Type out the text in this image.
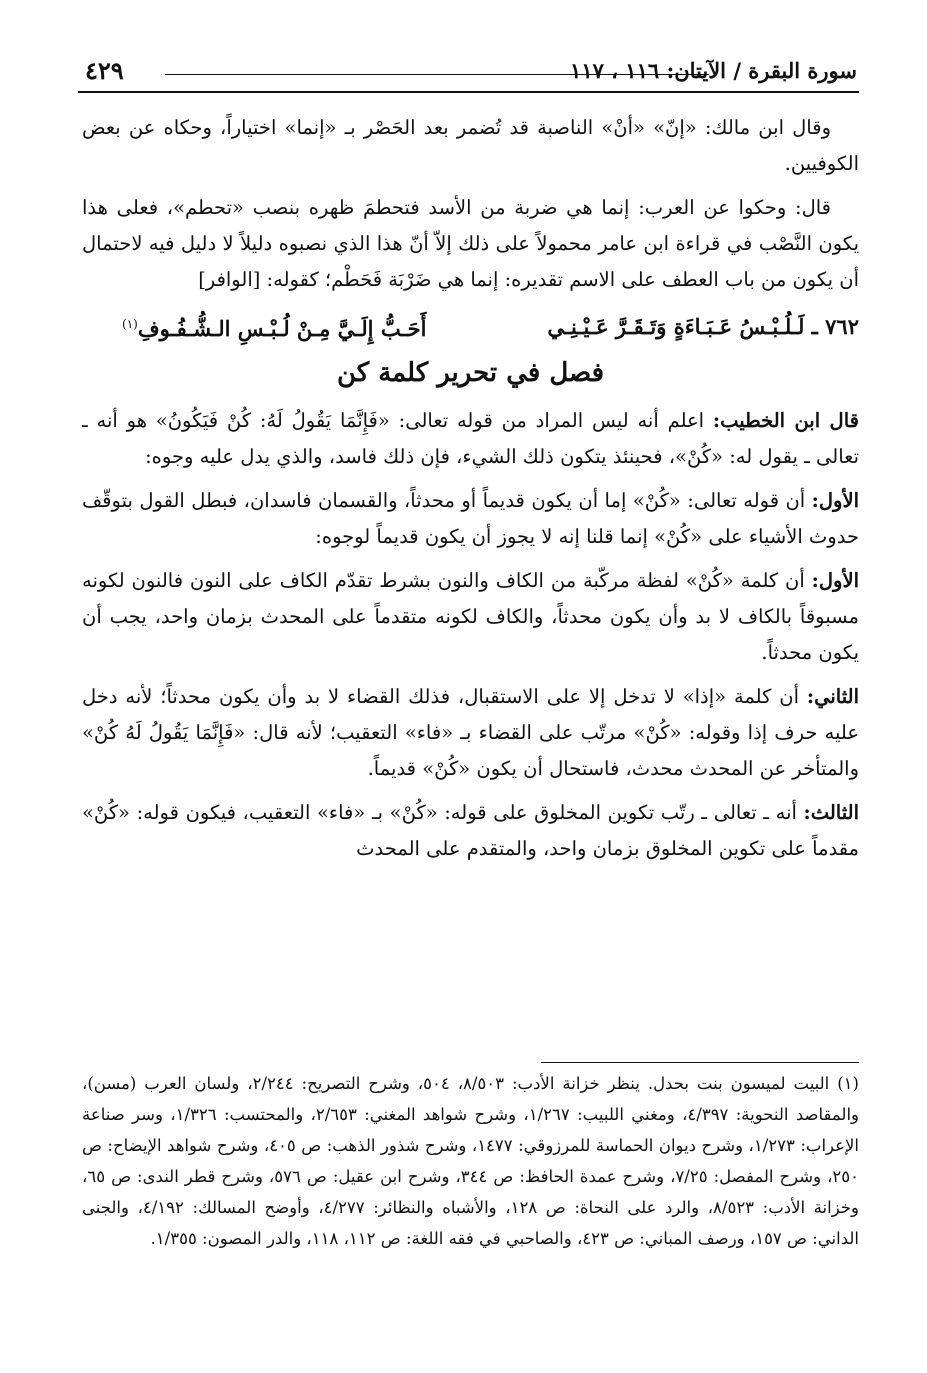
سورة البقرة / الآيتان: ١١٦ ، ١١٧
٤٢٩

وقال ابن مالك: «إنّ» «أنْ» الناصبة قد تُضمر بعد الحَصْر بـ «إنما» اختياراً، وحكاه عن بعض الكوفيين.

قال: وحكوا عن العرب: إنما هي ضربة من الأسد فتحطمَ ظهره بنصب «تحطم»، فعلى هذا يكون النَّصْب في قراءة ابن عامر محمولاً على ذلك إلاّ أنّ هذا الذي نصبوه دليلاً لا دليل فيه لاحتمال أن يكون من باب العطف على الاسم تقديره: إنما هي ضَرْبَة فَحَطْم؛ كقوله: [الوافر]

٧٦٢ ـ لَـلُـبْـسُ عَـبَـاءَةٍ وَتَـقَـرَّ عَـيْـنِـي
أَحَـبُّ إِلَـيَّ مِـنْ لُـبْـسِ الـشُّـفُـوفِ$^{(١)}$
فصل في تحرير كلمة كن

قال ابن الخطيب: اعلم أنه ليس المراد من قوله تعالى: «فَإِنَّمَا يَقُولُ لَهُ: كُنْ فَيَكُونُ» هو أنه ـ تعالى ـ يقول له: «كُنْ»، فحينئذ يتكون ذلك الشيء، فإن ذلك فاسد، والذي يدل عليه وجوه:

الأول: أن قوله تعالى: «كُنْ» إما أن يكون قديماً أو محدثاً، والقسمان فاسدان، فبطل القول بتوقّف حدوث الأشياء على «كُنْ» إنما قلنا إنه لا يجوز أن يكون قديماً لوجوه:

الأول: أن كلمة «كُنْ» لفظة مركّبة من الكاف والنون بشرط تقدّم الكاف على النون فالنون لكونه مسبوقاً بالكاف لا بد وأن يكون محدثاً، والكاف لكونه متقدماً على المحدث بزمان واحد، يجب أن يكون محدثاً.

الثاني: أن كلمة «إذا» لا تدخل إلا على الاستقبال، فذلك القضاء لا بد وأن يكون محدثاً؛ لأنه دخل عليه حرف إذا وقوله: «كُنْ» مرتّب على القضاء بـ «فاء» التعقيب؛ لأنه قال: «فَإِنَّمَا يَقُولُ لَهُ كُنْ» والمتأخر عن المحدث محدث، فاستحال أن يكون «كُنْ» قديماً.

الثالث: أنه ـ تعالى ـ رتّب تكوين المخلوق على قوله: «كُنْ» بـ «فاء» التعقيب، فيكون قوله: «كُنْ» مقدماً على تكوين المخلوق بزمان واحد، والمتقدم على المحدث

(١) البيت لميسون بنت بحدل. ينظر خزانة الأدب: ٨/٥٠٣، ٥٠٤، وشرح التصريح: ٢/٢٤٤، ولسان العرب (مسن)، والمقاصد النحوية: ٤/٣٩٧، ومغني اللبيب: ١/٢٦٧، وشرح شواهد المغني: ٢/٦٥٣، والمحتسب: ١/٣٢٦، وسر صناعة الإعراب: ١/٢٧٣، وشرح ديوان الحماسة للمرزوقي: ١٤٧٧، وشرح شذور الذهب: ص ٤٠٥، وشرح شواهد الإيضاح: ص ٢٥٠، وشرح المفصل: ٧/٢٥، وشرح عمدة الحافظ: ص ٣٤٤، وشرح ابن عقيل: ص ٥٧٦، وشرح قطر الندى: ص ٦٥، وخزانة الأدب: ٨/٥٢٣، والرد على النحاة: ص ١٢٨، والأشباه والنظائر: ٤/٢٧٧، وأوضح المسالك: ٤/١٩٢، والجنى الداني: ص ١٥٧، ورصف المباني: ص ٤٢٣، والصاحبي في فقه اللغة: ص ١١٢، ١١٨، والدر المصون: ١/٣٥٥.
